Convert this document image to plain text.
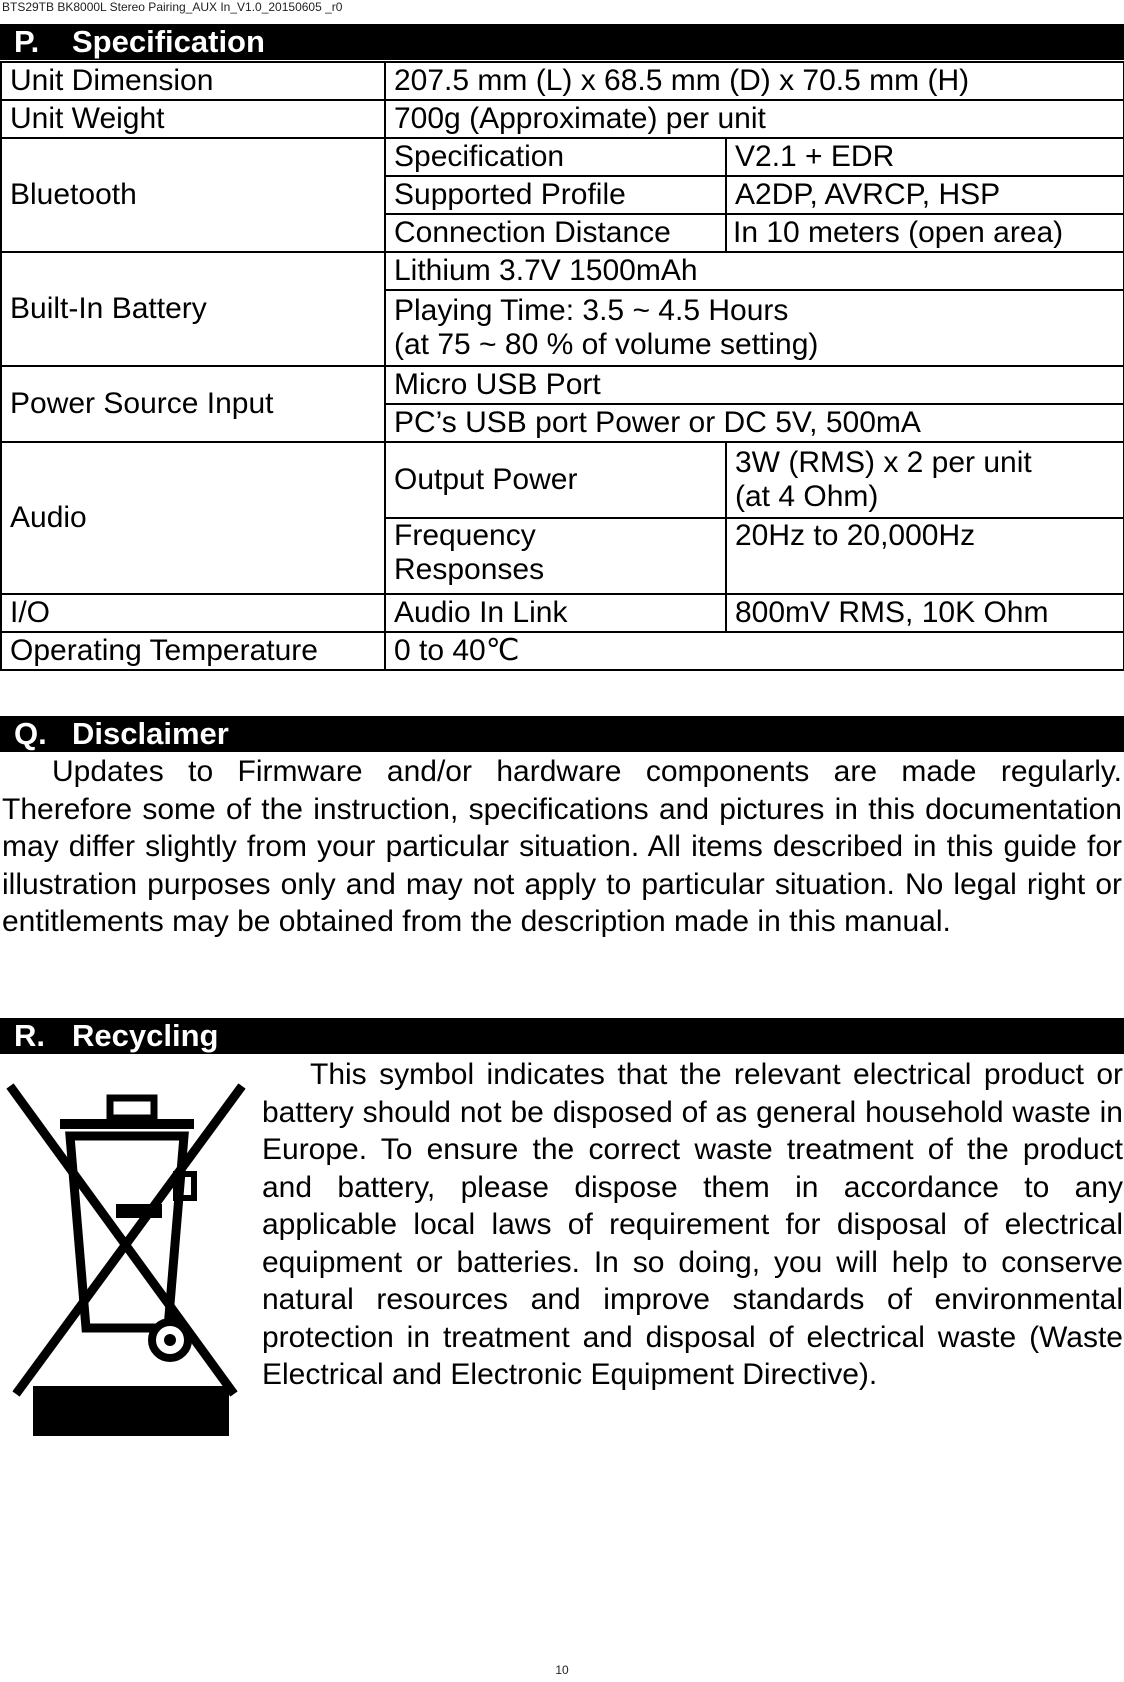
BTS29TB BK8000L Stereo Pairing_AUX In_V1.0_20150605 _r0
P. Specification
Unit Dimension	207.5 mm (L) x 68.5 mm (D) x 70.5 mm (H)	
Unit Weight	700g (Approximate) per unit	
Bluetooth	Specification	V2.1 + EDR
	Supported Profile	A2DP, AVRCP, HSP
	Connection Distance	In 10 meters (open area)
Built-In Battery	Lithium 3.7V 1500mAh	

	Playing Time: 3.5 ~ 4.5 Hours
(at 75 ~ 80 % of volume setting)	

Power Source Input	Micro USB Port	
	PC’s USB port Power or DC 5V, 500mA	
Audio	Output Power	3W (RMS) x 2 per unit
(at 4 Ohm)

	Frequency
Responses	20Hz to 20,000Hz
I/O	Audio In Link	800mV RMS, 10K Ohm
Operating Temperature	0 to 40℃	
Q. Disclaimer
Updates to Firmware and/or hardware components are made regularly. Therefore some of the instruction, specifications and pictures in this documentation may differ slightly from your particular situation. All items described in this guide for illustration purposes only and may not apply to particular situation. No legal right or entitlements may be obtained from the description made in this manual.
R. Recycling
This symbol indicates that the relevant electrical product or battery should not be disposed of as general household waste in Europe. To ensure the correct waste treatment of the product and battery, please dispose them in accordance to any applicable local laws of requirement for disposal of electrical equipment or batteries. In so doing, you will help to conserve natural resources and improve standards of environmental protection in treatment and disposal of electrical waste (Waste Electrical and Electronic Equipment Directive).
10
